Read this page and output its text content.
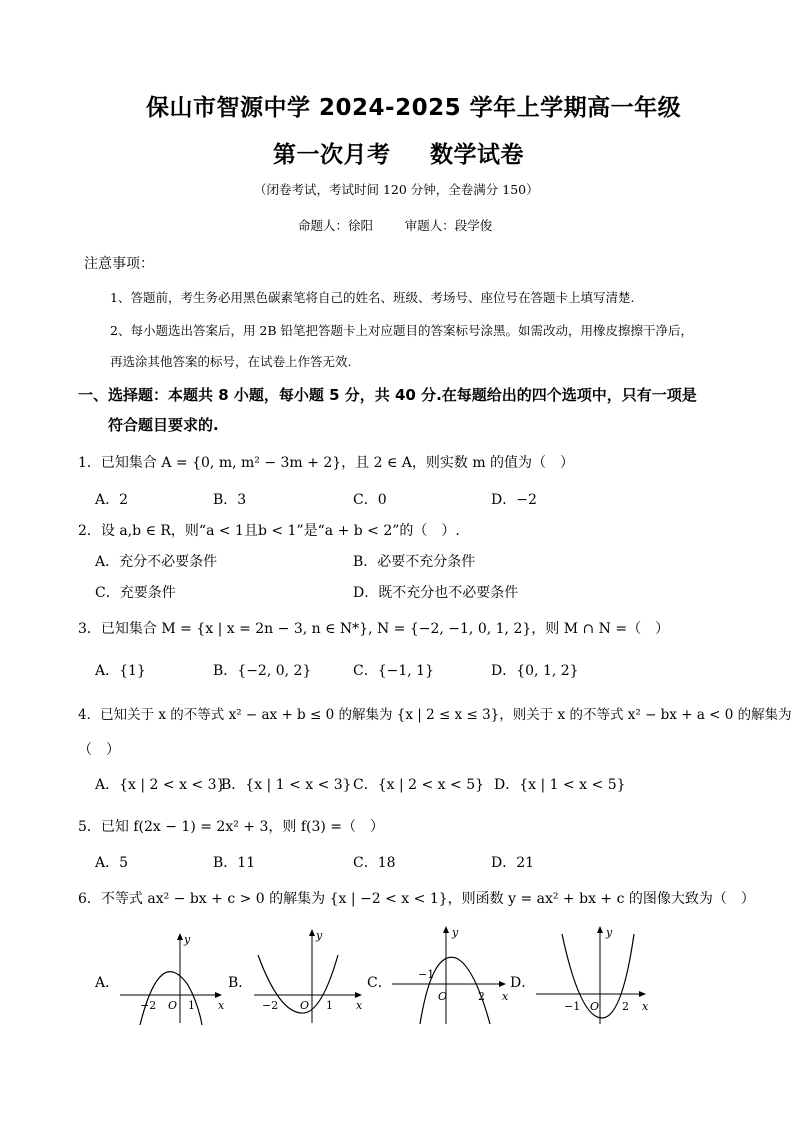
保山市智源中学 2024-2025 学年上学期高一年级
第一次月考 数学试卷
（闭卷考试，考试时间 120 分钟，全卷满分 150）
命题人：徐阳        审题人：段学俊
注意事项：
1、答题前，考生务必用黑色碳素笔将自己的姓名、班级、考场号、座位号在答题卡上填写清楚.
2、每小题选出答案后，用 2B 铅笔把答题卡上对应题目的答案标号涂黑。如需改动，用橡皮擦擦干净后，
再选涂其他答案的标号，在试卷上作答无效.
一、选择题：本题共 8 小题，每小题 5 分，共 40 分.在每题给出的四个选项中，只有一项是
符合题目要求的.
1．已知集合 A = {0, m, m² − 3m + 2}，且 2 ∈ A，则实数 m 的值为（　）
A．2	B．3	C．0	D．−2
2．设 a,b ∈ R，则“a < 1且b < 1”是“a + b < 2”的（　）.
A．充分不必要条件	B．必要不充分条件
C．充要条件	D．既不充分也不必要条件
3．已知集合 M = {x | x = 2n − 3, n ∈ N*}, N = {−2, −1, 0, 1, 2}，则 M ∩ N =（　）
A．{1}	B．{−2, 0, 2}	C．{−1, 1}	D．{0, 1, 2}
4．已知关于 x 的不等式 x² − ax + b ≤ 0 的解集为 {x | 2 ≤ x ≤ 3}，则关于 x 的不等式 x² − bx + a < 0 的解集为
（　）
A．{x | 2 < x < 3}
B．{x | 1 < x < 3} C．{x | 2 < x < 5} D．{x | 1 < x < 5}
5．已知 f(2x − 1) = 2x² + 3，则 f(3) =（　）
A．5	B．11	C．18	D．21
6．不等式 ax² − bx + c > 0 的解集为 {x | −2 < x < 1}，则函数 y = ax² + bx + c 的图像大致为（　）
A．	B．	C．	D．
y
x
−2 O 1
y
x
−2 O 1
y
x
−1
O	2
y
x
−1 O 2
